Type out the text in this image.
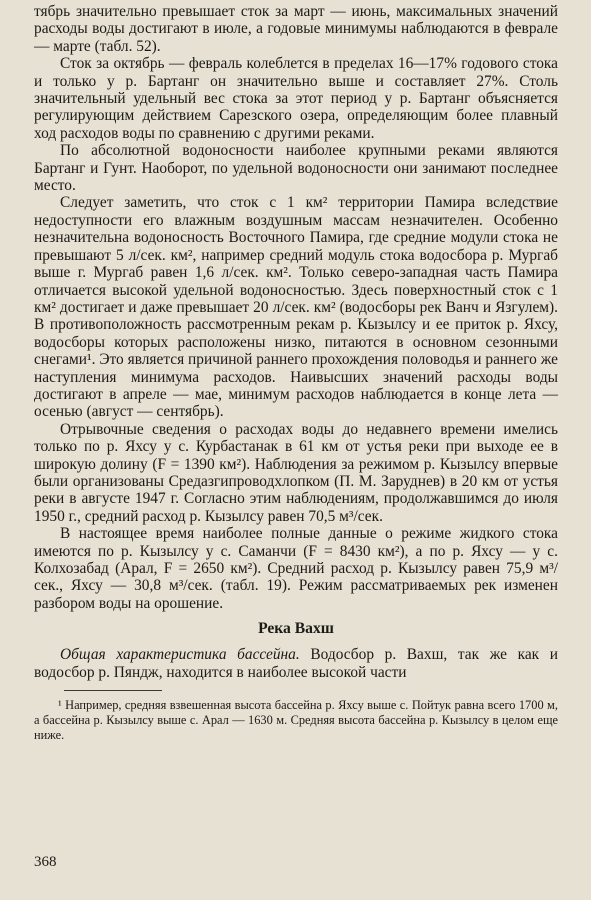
тябрь значительно превышает сток за март — июнь, максимальных значений расходы воды достигают в июле, а годовые минимумы наблюдаются в феврале — марте (табл. 52).

Сток за октябрь — февраль колеблется в пределах 16—17% годового стока и только у р. Бартанг он значительно выше и составляет 27%. Столь значительный удельный вес стока за этот период у р. Бартанг объясняется регулирующим действием Сарезского озера, определяющим более плавный ход расходов воды по сравнению с другими реками.

По абсолютной водоносности наиболее крупными реками являются Бартанг и Гунт. Наоборот, по удельной водоносности они занимают последнее место.

Следует заметить, что сток с 1 км² территории Памира вследствие недоступности его влажным воздушным массам незначителен. Особенно незначительна водоносность Восточного Памира, где средние модули стока не превышают 5 л/сек. км², например средний модуль стока водосбора р. Мургаб выше г. Мургаб равен 1,6 л/сек. км². Только северо-западная часть Памира отличается высокой удельной водоносностью. Здесь поверхностный сток с 1 км² достигает и даже превышает 20 л/сек. км² (водосборы рек Ванч и Язгулем). В противоположность рассмотренным рекам р. Кызылсу и ее приток р. Яхсу, водосборы которых расположены низко, питаются в основном сезонными снегами¹. Это является причиной раннего прохождения половодья и раннего же наступления минимума расходов. Наивысших значений расходы воды достигают в апреле — мае, минимум расходов наблюдается в конце лета — осенью (август — сентябрь).

Отрывочные сведения о расходах воды до недавнего времени имелись только по р. Яхсу у с. Курбастанак в 61 км от устья реки при выходе ее в широкую долину (F = 1390 км²). Наблюдения за режимом р. Кызылсу впервые были организованы Средазгипроводхлопком (П. М. Заруднев) в 20 км от устья реки в августе 1947 г. Согласно этим наблюдениям, продолжавшимся до июля 1950 г., средний расход р. Кызылсу равен 70,5 м³/сек.

В настоящее время наиболее полные данные о режиме жидкого стока имеются по р. Кызылсу у с. Саманчи (F = 8430 км²), а по р. Яхсу — у с. Колхозабад (Арал, F = 2650 км²). Средний расход р. Кызылсу равен 75,9 м³/сек., Яхсу — 30,8 м³/сек. (табл. 19). Режим рассматриваемых рек изменен разбором воды на орошение.

Река Вахш

Общая характеристика бассейна. Водосбор р. Вахш, так же как и водосбор р. Пяндж, находится в наиболее высокой части

¹ Например, средняя взвешенная высота бассейна р. Яхсу выше с. Пойтук равна всего 1700 м, а бассейна р. Кызылсу выше с. Арал — 1630 м. Средняя высота бассейна р. Кызылсу в целом еще ниже.

368
